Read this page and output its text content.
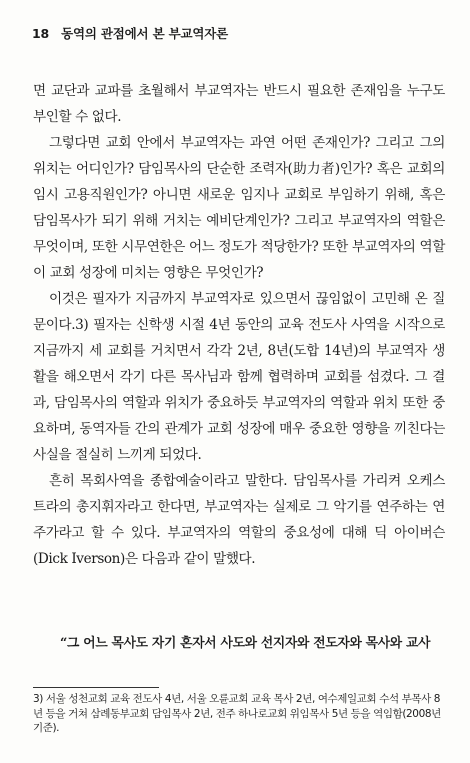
18 동역의 관점에서 본 부교역자론

면 교단과 교파를 초월해서 부교역자는 반드시 필요한 존재임을 누구도 부인할 수 없다.

그렇다면 교회 안에서 부교역자는 과연 어떤 존재인가? 그리고 그의 위치는 어디인가? 담임목사의 단순한 조력자(助力者)인가? 혹은 교회의 임시 고용직원인가? 아니면 새로운 임지나 교회로 부임하기 위해, 혹은 담임목사가 되기 위해 거치는 예비단계인가? 그리고 부교역자의 역할은 무엇이며, 또한 시무연한은 어느 정도가 적당한가? 또한 부교역자의 역할이 교회 성장에 미치는 영향은 무엇인가?

이것은 필자가 지금까지 부교역자로 있으면서 끊임없이 고민해 온 질문이다.3) 필자는 신학생 시절 4년 동안의 교육 전도사 사역을 시작으로 지금까지 세 교회를 거치면서 각각 2년, 8년(도합 14년)의 부교역자 생활을 해오면서 각기 다른 목사님과 함께 협력하며 교회를 섬겼다. 그 결과, 담임목사의 역할과 위치가 중요하듯 부교역자의 역할과 위치 또한 중요하며, 동역자들 간의 관계가 교회 성장에 매우 중요한 영향을 끼친다는 사실을 절실히 느끼게 되었다.

흔히 목회사역을 종합예술이라고 말한다. 담임목사를 가리켜 오케스트라의 총지휘자라고 한다면, 부교역자는 실제로 그 악기를 연주하는 연주가라고 할 수 있다. 부교역자의 역할의 중요성에 대해 딕 아이버슨(Dick Iverson)은 다음과 같이 말했다.

“그 어느 목사도 자기 혼자서 사도와 선지자와 전도자와 목사와 교사
3) 서울 성천교회 교육 전도사 4년, 서울 오륜교회 교육 목사 2년, 여수제일교회 수석 부목사 8년 등을 거쳐 삼례동부교회 담임목사 2년, 전주 하나로교회 위임목사 5년 등을 역임함(2008년 기준).
